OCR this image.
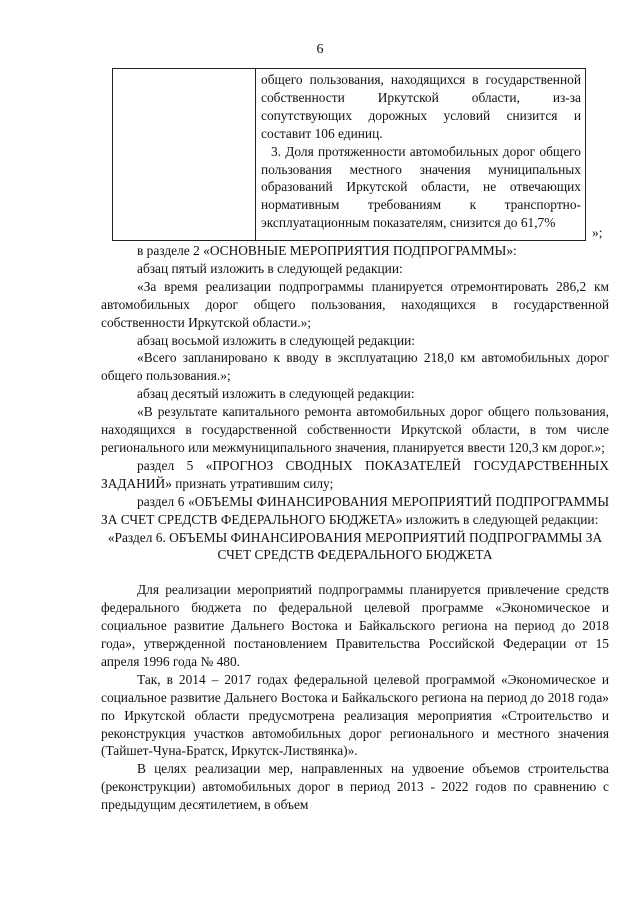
6

общего пользования, находящихся в государственной собственности Иркутской области, из-за сопутствующих дорожных условий снизится и составит 106 единиц.

3. Доля протяженности автомобильных дорог общего пользования местного значения муниципальных образований Иркутской области, не отвечающих нормативным требованиям к транспортно-эксплуатационным показателям, снизится до 61,7%

»;

в разделе 2 «ОСНОВНЫЕ МЕРОПРИЯТИЯ ПОДПРОГРАММЫ»:

абзац пятый изложить в следующей редакции:

«За время реализации подпрограммы планируется отремонтировать 286,2 км автомобильных дорог общего пользования, находящихся в государственной собственности Иркутской области.»;

абзац восьмой изложить в следующей редакции:

«Всего запланировано к вводу в эксплуатацию 218,0 км автомобильных дорог общего пользования.»;

абзац десятый изложить в следующей редакции:

«В результате капитального ремонта автомобильных дорог общего пользования, находящихся в государственной собственности Иркутской области, в том числе регионального или межмуниципального значения, планируется ввести 120,3 км дорог.»;

раздел 5 «ПРОГНОЗ СВОДНЫХ ПОКАЗАТЕЛЕЙ ГОСУДАРСТВЕННЫХ ЗАДАНИЙ» признать утратившим силу;

раздел 6 «ОБЪЕМЫ ФИНАНСИРОВАНИЯ МЕРОПРИЯТИЙ ПОДПРОГРАММЫ ЗА СЧЕТ СРЕДСТВ ФЕДЕРАЛЬНОГО БЮДЖЕТА» изложить в следующей редакции:

«Раздел 6. ОБЪЕМЫ ФИНАНСИРОВАНИЯ МЕРОПРИЯТИЙ ПОДПРОГРАММЫ ЗА СЧЕТ СРЕДСТВ ФЕДЕРАЛЬНОГО БЮДЖЕТА

Для реализации мероприятий подпрограммы планируется привлечение средств федерального бюджета по федеральной целевой программе «Экономическое и социальное развитие Дальнего Востока и Байкальского региона на период до 2018 года», утвержденной постановлением Правительства Российской Федерации от 15 апреля 1996 года № 480.

Так, в 2014 – 2017 годах федеральной целевой программой «Экономическое и социальное развитие Дальнего Востока и Байкальского региона на период до 2018 года» по Иркутской области предусмотрена реализация мероприятия «Строительство и реконструкция участков автомобильных дорог регионального и местного значения (Тайшет-Чуна-Братск, Иркутск-Листвянка)».

В целях реализации мер, направленных на удвоение объемов строительства (реконструкции) автомобильных дорог в период 2013 - 2022 годов по сравнению с предыдущим десятилетием, в объем
